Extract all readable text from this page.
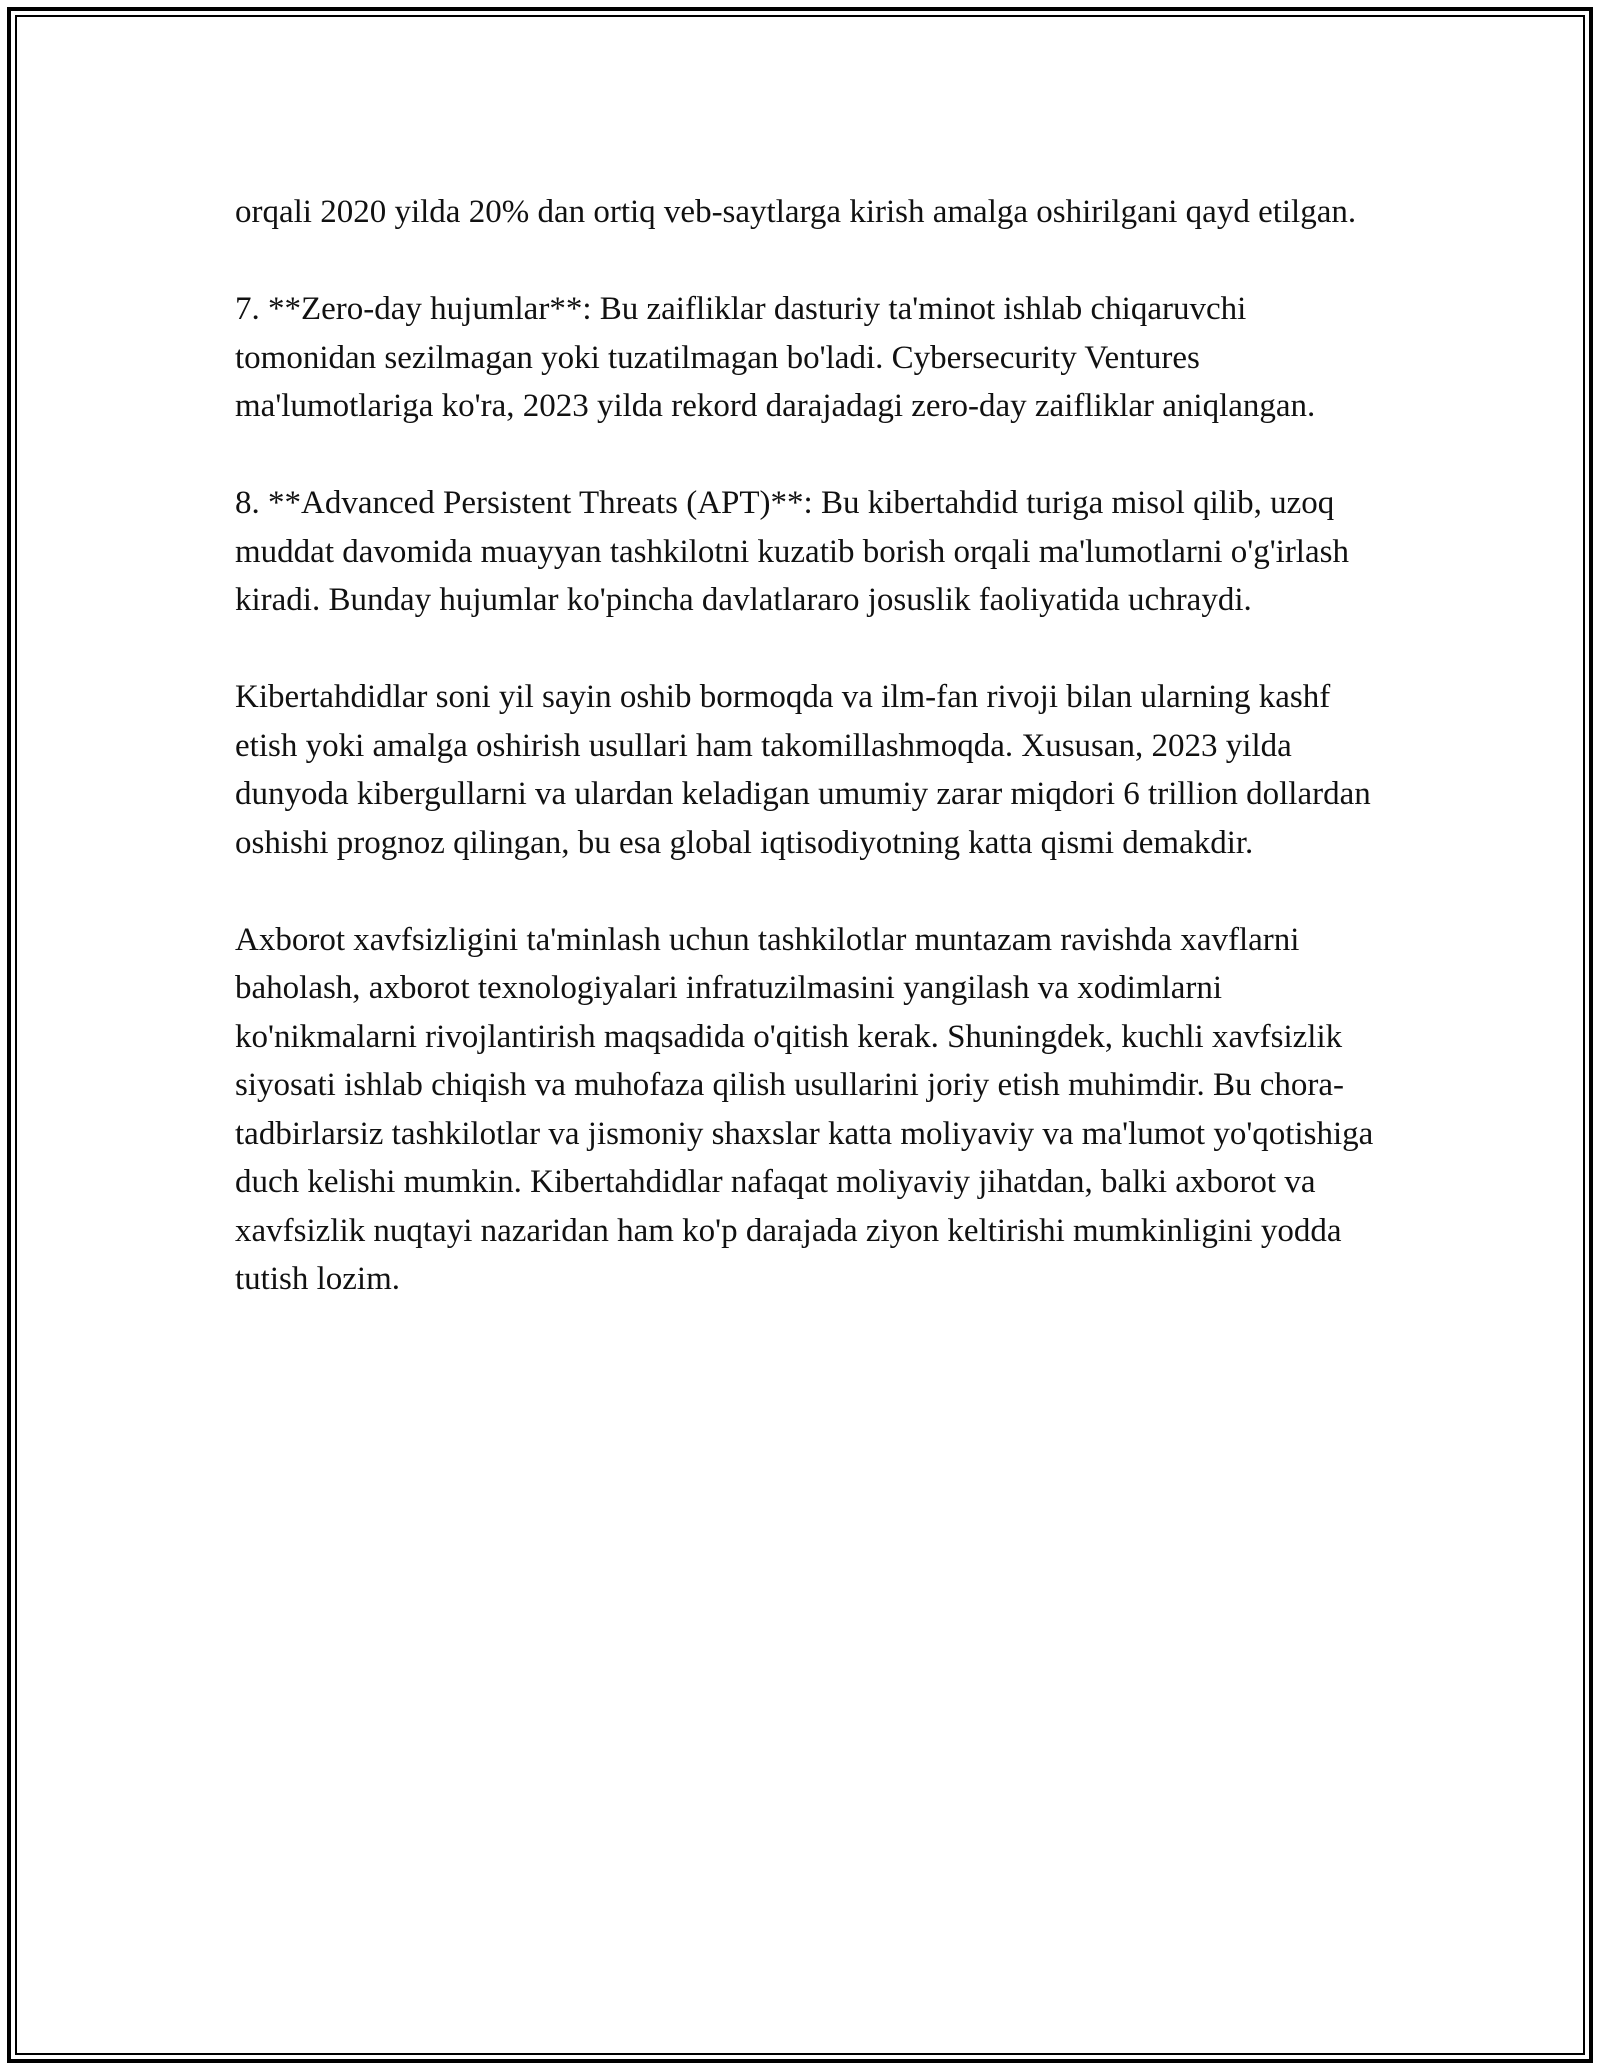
orqali 2020 yilda 20% dan ortiq veb-saytlarga kirish amalga oshirilgani qayd etilgan.

7. **Zero-day hujumlar**: Bu zaifliklar dasturiy ta'minot ishlab chiqaruvchi tomonidan sezilmagan yoki tuzatilmagan bo'ladi. Cybersecurity Ventures ma'lumotlariga ko'ra, 2023 yilda rekord darajadagi zero-day zaifliklar aniqlangan.

8. **Advanced Persistent Threats (APT)**: Bu kibertahdid turiga misol qilib, uzoq muddat davomida muayyan tashkilotni kuzatib borish orqali ma'lumotlarni o'g'irlash kiradi. Bunday hujumlar ko'pincha davlatlararo josuslik faoliyatida uchraydi.

Kibertahdidlar soni yil sayin oshib bormoqda va ilm-fan rivoji bilan ularning kashf etish yoki amalga oshirish usullari ham takomillashmoqda. Xususan, 2023 yilda dunyoda kibergullarni va ulardan keladigan umumiy zarar miqdori 6 trillion dollardan oshishi prognoz qilingan, bu esa global iqtisodiyotning katta qismi demakdir.

Axborot xavfsizligini ta'minlash uchun tashkilotlar muntazam ravishda xavflarni baholash, axborot texnologiyalari infratuzilmasini yangilash va xodimlarni ko'nikmalarni rivojlantirish maqsadida o'qitish kerak. Shuningdek, kuchli xavfsizlik siyosati ishlab chiqish va muhofaza qilish usullarini joriy etish muhimdir. Bu chora-tadbirlarsiz tashkilotlar va jismoniy shaxslar katta moliyaviy va ma'lumot yo'qotishiga duch kelishi mumkin. Kibertahdidlar nafaqat moliyaviy jihatdan, balki axborot va xavfsizlik nuqtayi nazaridan ham ko'p darajada ziyon keltirishi mumkinligini yodda tutish lozim.
